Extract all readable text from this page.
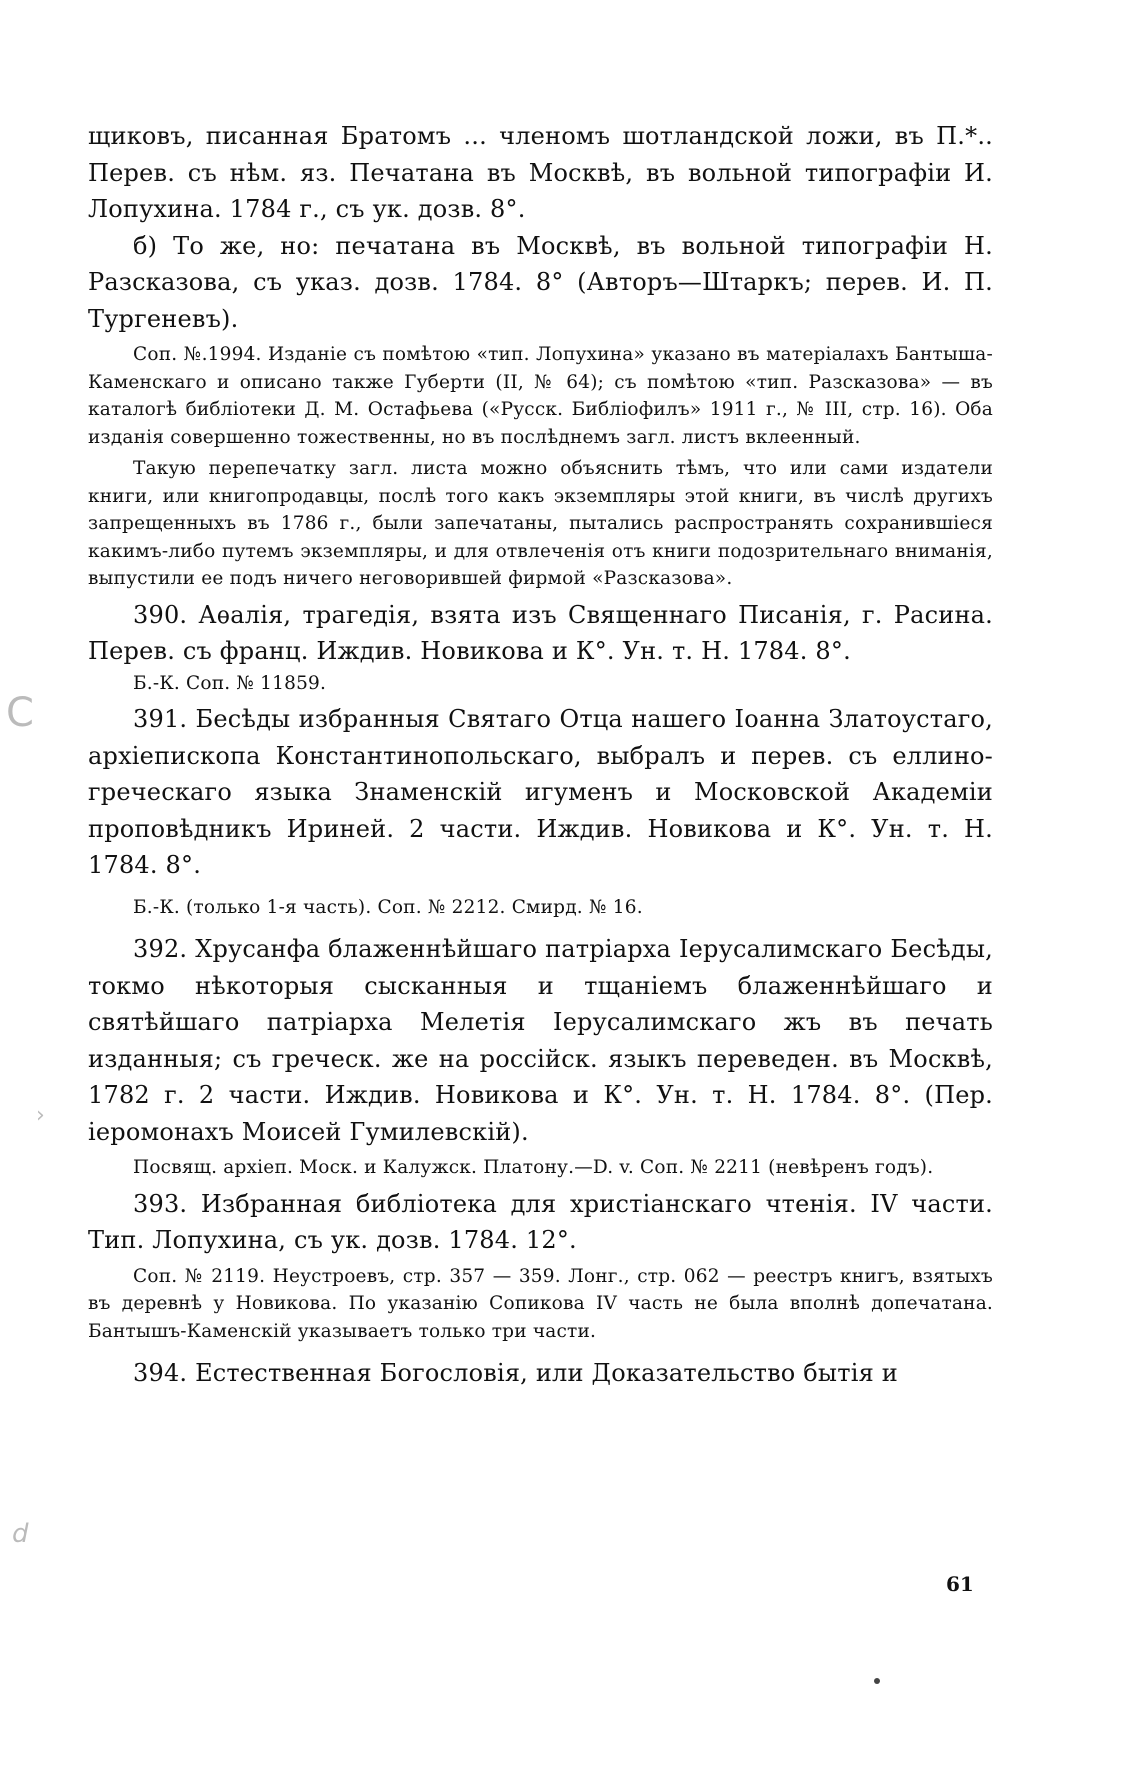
щиковъ, писанная Братомъ ... членомъ шотландской ложи, въ П.*.. Перев. съ нѣм. яз. Печатана въ Москвѣ, въ вольной типографіи И. Лопухина. 1784 г., съ ук. дозв. 8°.

б) То же, но: печатана въ Москвѣ, въ вольной типографіи Н. Разсказова, съ указ. дозв. 1784. 8° (Авторъ—Штаркъ; перев. И. П. Тургеневъ).

Соп. №.1994. Изданіе съ помѣтою «тип. Лопухина» указано въ матеріалахъ Бантыша-Каменскаго и описано также Губерти (II, № 64); съ помѣтою «тип. Разсказова» — въ каталогѣ библіотеки Д. М. Остафьева («Русск. Библіофилъ» 1911 г., № III, стр. 16). Оба изданія совершенно тожественны, но въ послѣднемъ загл. листъ вклеенный.

Такую перепечатку загл. листа можно объяснить тѣмъ, что или сами издатели книги, или книгопродавцы, послѣ того какъ экземпляры этой книги, въ числѣ другихъ запрещенныхъ въ 1786 г., были запечатаны, пытались распространять сохранившіеся какимъ-либо путемъ экземпляры, и для отвлеченія отъ книги подозрительнаго вниманія, выпустили ее подъ ничего неговорившей фирмой «Разсказова».

390. Аѳалія, трагедія, взята изъ Священнаго Писанія, г. Расина. Перев. съ франц. Иждив. Новикова и К°. Ун. т. Н. 1784. 8°.

Б.-К. Соп. № 11859.

391. Бесѣды избранныя Святаго Отца нашего Іоанна Златоустаго, архіепископа Константинопольскаго, выбралъ и перев. съ еллино-греческаго языка Знаменскій игуменъ и Московской Академіи проповѣдникъ Ириней. 2 части. Иждив. Новикова и К°. Ун. т. Н. 1784. 8°.

Б.-К. (только 1-я часть). Соп. № 2212. Смирд. № 16.

392. Хрусанфа блаженнѣйшаго патріарха Іерусалимскаго Бесѣды, токмо нѣкоторыя сысканныя и тщаніемъ блаженнѣйшаго и святѣйшаго патріарха Мелетія Іерусалимскаго жъ въ печать изданныя; съ греческ. же на россійск. языкъ переведен. въ Москвѣ, 1782 г. 2 части. Иждив. Новикова и К°. Ун. т. Н. 1784. 8°. (Пер. іеромонахъ Моисей Гумилевскій).

Посвящ. архіеп. Моск. и Калужск. Платону.—D. v. Соп. № 2211 (невѣренъ годъ).

393. Избранная библіотека для христіанскаго чтенія. IV части. Тип. Лопухина, съ ук. дозв. 1784. 12°.

Соп. № 2119. Неустроевъ, стр. 357 — 359. Лонг., стр. 062 — реестръ книгъ, взятыхъ въ деревнѣ у Новикова. По указанію Сопикова IV часть не была вполнѣ допечатана. Бантышъ-Каменскій указываетъ только три части.

394. Естественная Богословія, или Доказательство бытія и

61
C
›
d
